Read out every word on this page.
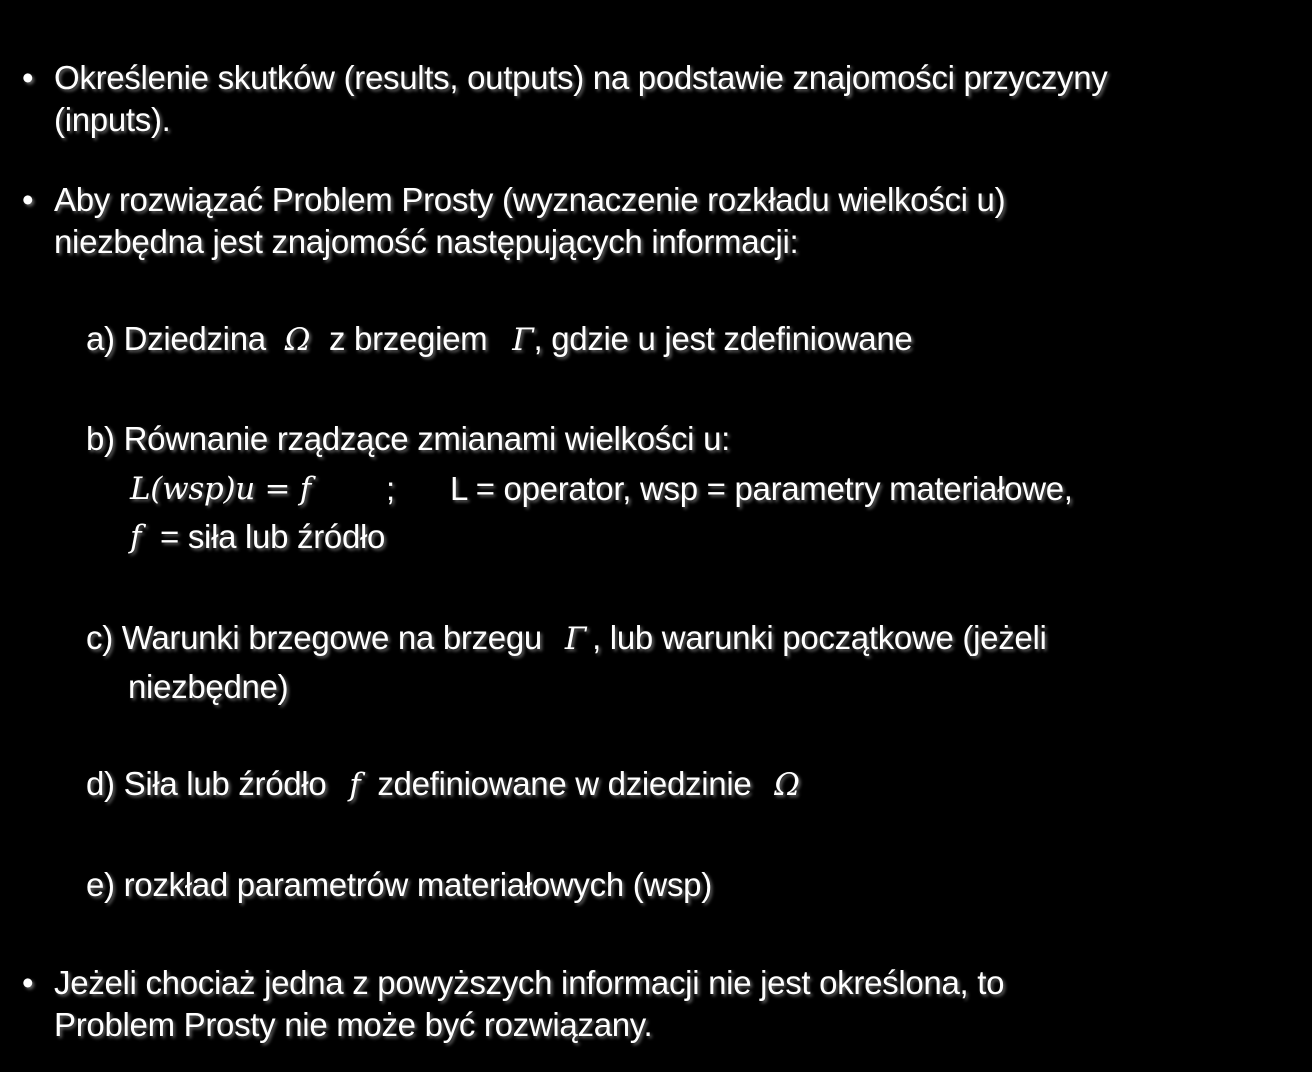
• Określenie skutków (results, outputs) na podstawie znajomości przyczyny
(inputs).
• Aby rozwiązać Problem Prosty (wyznaczenie rozkładu wielkości u)
niezbędna jest znajomość następujących informacji:
a) Dziedzina Ω z brzegiem Γ, gdzie u jest zdefiniowane
b) Równanie rządzące zmianami wielkości u:
L(wsp)u = f ; L = operator, wsp = parametry materiałowe,
f = siła lub źródło
c) Warunki brzegowe na brzegu Γ , lub warunki początkowe (jeżeli
niezbędne)
d) Siła lub źródło f zdefiniowane w dziedzinie Ω
e) rozkład parametrów materiałowych (wsp)
• Jeżeli chociaż jedna z powyższych informacji nie jest określona, to
Problem Prosty nie może być rozwiązany.
